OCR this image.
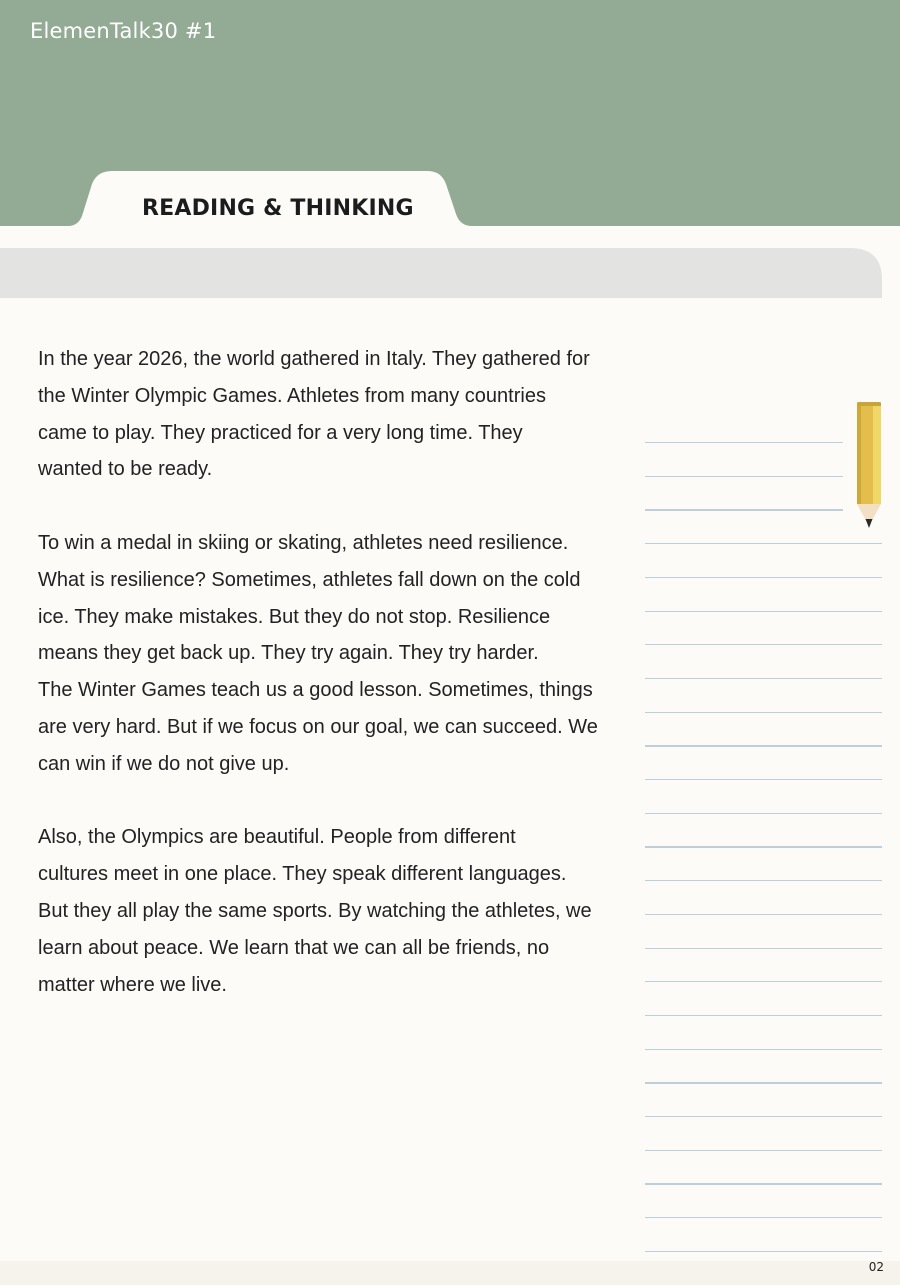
ElemenTalk30 #1
READING & THINKING

In the year 2026, the world gathered in Italy. They gathered for
the Winter Olympic Games. Athletes from many countries
came to play. They practiced for a very long time. They
wanted to be ready.

To win a medal in skiing or skating, athletes need resilience.
What is resilience? Sometimes, athletes fall down on the cold
ice. They make mistakes. But they do not stop. Resilience
means they get back up. They try again. They try harder.
The Winter Games teach us a good lesson. Sometimes, things
are very hard. But if we focus on our goal, we can succeed. We
can win if we do not give up.

Also, the Olympics are beautiful. People from different
cultures meet in one place. They speak different languages.
But they all play the same sports. By watching the athletes, we
learn about peace. We learn that we can all be friends, no
matter where we live.

02
